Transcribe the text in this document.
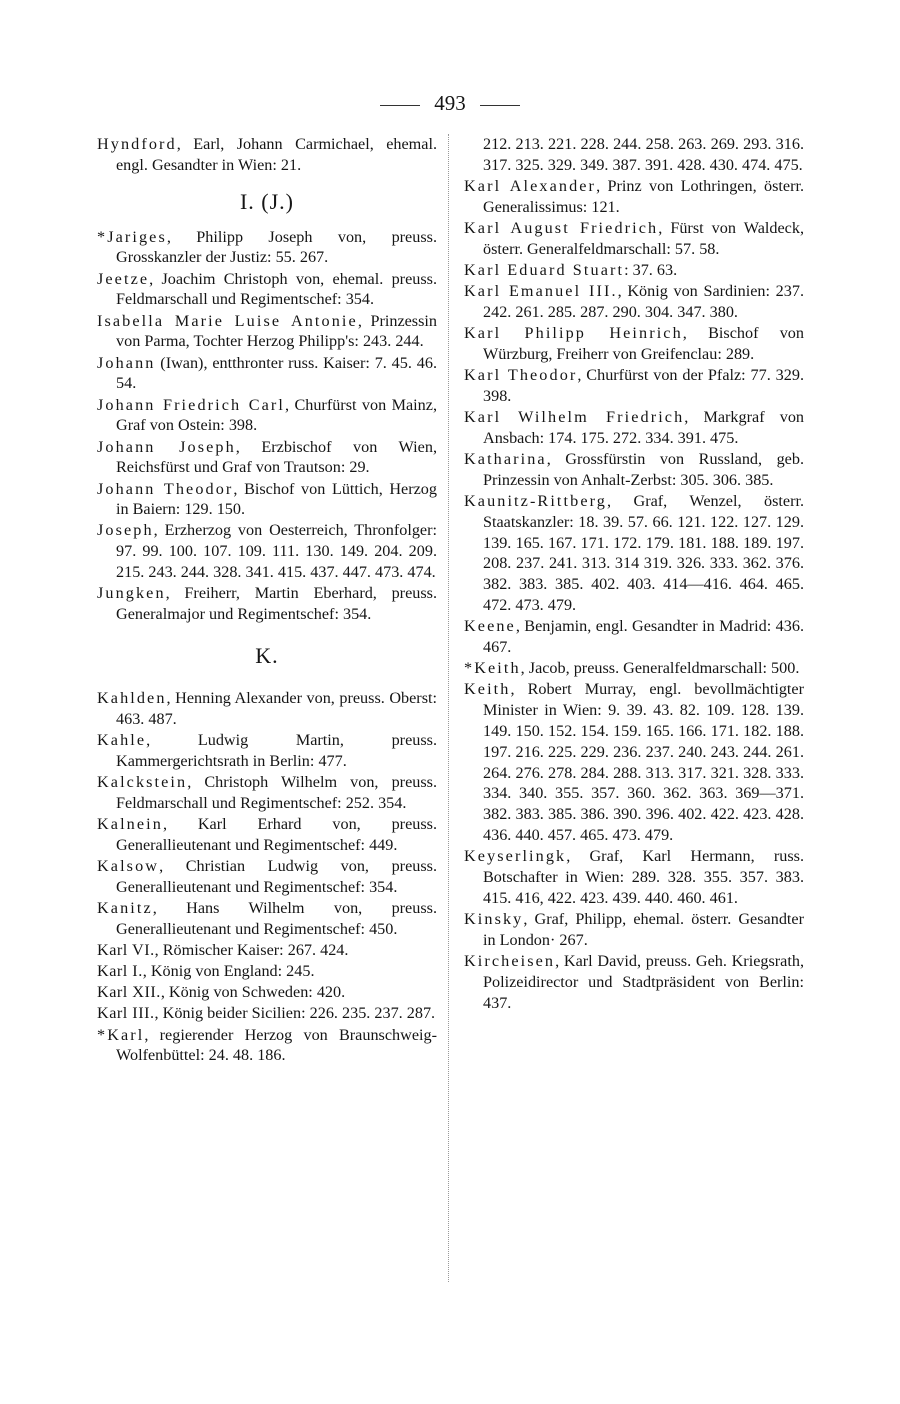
493
Hyndford, Earl, Johann Carmichael, ehemal. engl. Gesandter in Wien: 21.
I. (J.)
*Jariges, Philipp Joseph von, preuss. Grosskanzler der Justiz: 55. 267.
Jeetze, Joachim Christoph von, ehemal. preuss. Feldmarschall und Regimentschef: 354.
Isabella Marie Luise Antonie, Prinzessin von Parma, Tochter Herzog Philipp's: 243. 244.
Johann (Iwan), entthronter russ. Kaiser: 7. 45. 46. 54.
Johann Friedrich Carl, Churfürst von Mainz, Graf von Ostein: 398.
Johann Joseph, Erzbischof von Wien, Reichsfürst und Graf von Trautson: 29.
Johann Theodor, Bischof von Lüttich, Herzog in Baiern: 129. 150.
Joseph, Erzherzog von Oesterreich, Thronfolger: 97. 99. 100. 107. 109. 111. 130. 149. 204. 209. 215. 243. 244. 328. 341. 415. 437. 447. 473. 474.
Jungken, Freiherr, Martin Eberhard, preuss. Generalmajor und Regimentschef: 354.
K.
Kahlden, Henning Alexander von, preuss. Oberst: 463. 487.
Kahle, Ludwig Martin, preuss. Kammergerichtsrath in Berlin: 477.
Kalckstein, Christoph Wilhelm von, preuss. Feldmarschall und Regimentschef: 252. 354.
Kalnein, Karl Erhard von, preuss. Generallieutenant und Regimentschef: 449.
Kalsow, Christian Ludwig von, preuss. Generallieutenant und Regimentschef: 354.
Kanitz, Hans Wilhelm von, preuss. Generallieutenant und Regimentschef: 450.
Karl VI., Römischer Kaiser: 267. 424.
Karl I., König von England: 245.
Karl XII., König von Schweden: 420.
Karl III., König beider Sicilien: 226. 235. 237. 287.
*Karl, regierender Herzog von Braunschweig-Wolfenbüttel: 24. 48. 186.
212. 213. 221. 228. 244. 258. 263. 269. 293. 316. 317. 325. 329. 349. 387. 391. 428. 430. 474. 475.
Karl Alexander, Prinz von Lothringen, österr. Generalissimus: 121.
Karl August Friedrich, Fürst von Waldeck, österr. Generalfeldmarschall: 57. 58.
Karl Eduard Stuart: 37. 63.
Karl Emanuel III., König von Sardinien: 237. 242. 261. 285. 287. 290. 304. 347. 380.
Karl Philipp Heinrich, Bischof von Würzburg, Freiherr von Greifenclau: 289.
Karl Theodor, Churfürst von der Pfalz: 77. 329. 398.
Karl Wilhelm Friedrich, Markgraf von Ansbach: 174. 175. 272. 334. 391. 475.
Katharina, Grossfürstin von Russland, geb. Prinzessin von Anhalt-Zerbst: 305. 306. 385.
Kaunitz-Rittberg, Graf, Wenzel, österr. Staatskanzler: 18. 39. 57. 66. 121. 122. 127. 129. 139. 165. 167. 171. 172. 179. 181. 188. 189. 197. 208. 237. 241. 313. 314 319. 326. 333. 362. 376. 382. 383. 385. 402. 403. 414—416. 464. 465. 472. 473. 479.
Keene, Benjamin, engl. Gesandter in Madrid: 436. 467.
*Keith, Jacob, preuss. Generalfeldmarschall: 500.
Keith, Robert Murray, engl. bevollmächtigter Minister in Wien: 9. 39. 43. 82. 109. 128. 139. 149. 150. 152. 154. 159. 165. 166. 171. 182. 188. 197. 216. 225. 229. 236. 237. 240. 243. 244. 261. 264. 276. 278. 284. 288. 313. 317. 321. 328. 333. 334. 340. 355. 357. 360. 362. 363. 369—371. 382. 383. 385. 386. 390. 396. 402. 422. 423. 428. 436. 440. 457. 465. 473. 479.
Keyserlingk, Graf, Karl Hermann, russ. Botschafter in Wien: 289. 328. 355. 357. 383. 415. 416, 422. 423. 439. 440. 460. 461.
Kinsky, Graf, Philipp, ehemal. österr. Gesandter in London· 267.
Kircheisen, Karl David, preuss. Geh. Kriegsrath, Polizeidirector und Stadtpräsident von Berlin: 437.
